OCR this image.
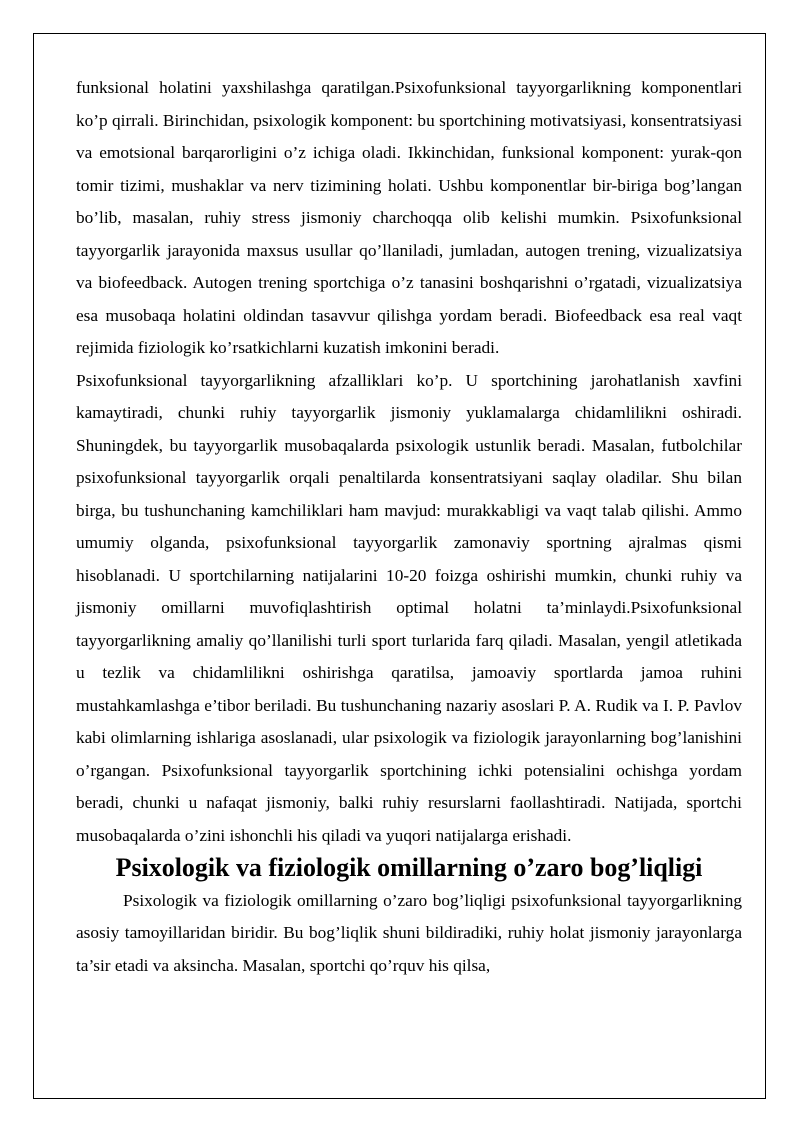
funksional holatini yaxshilashga qaratilgan.Psixofunksional tayyorgarlikning komponentlari ko’p qirrali. Birinchidan, psixologik komponent: bu sportchining motivatsiyasi, konsentratsiyasi va emotsional barqarorligini o’z ichiga oladi. Ikkinchidan, funksional komponent: yurak-qon tomir tizimi, mushaklar va nerv tizimining holati. Ushbu komponentlar bir-biriga bog’langan bo’lib, masalan, ruhiy stress jismoniy charchoqqa olib kelishi mumkin. Psixofunksional tayyorgarlik jarayonida maxsus usullar qo’llaniladi, jumladan, autogen trening, vizualizatsiya va biofeedback. Autogen trening sportchiga o’z tanasini boshqarishni o’rgatadi, vizualizatsiya esa musobaqa holatini oldindan tasavvur qilishga yordam beradi. Biofeedback esa real vaqt rejimida fiziologik ko’rsatkichlarni kuzatish imkonini beradi.

Psixofunksional tayyorgarlikning afzalliklari ko’p. U sportchining jarohatlanish xavfini kamaytiradi, chunki ruhiy tayyorgarlik jismoniy yuklamalarga chidamlilikni oshiradi. Shuningdek, bu tayyorgarlik musobaqalarda psixologik ustunlik beradi. Masalan, futbolchilar psixofunksional tayyorgarlik orqali penaltilarda konsentratsiyani saqlay oladilar. Shu bilan birga, bu tushunchaning kamchiliklari ham mavjud: murakkabligi va vaqt talab qilishi. Ammo umumiy olganda, psixofunksional tayyorgarlik zamonaviy sportning ajralmas qismi hisoblanadi. U sportchilarning natijalarini 10-20 foizga oshirishi mumkin, chunki ruhiy va jismoniy omillarni muvofiqlashtirish optimal holatni ta’minlaydi.Psixofunksional tayyorgarlikning amaliy qo’llanilishi turli sport turlarida farq qiladi. Masalan, yengil atletikada u tezlik va chidamlilikni oshirishga qaratilsa, jamoaviy sportlarda jamoa ruhini mustahkamlashga e’tibor beriladi. Bu tushunchaning nazariy asoslari P. A. Rudik va I. P. Pavlov kabi olimlarning ishlariga asoslanadi, ular psixologik va fiziologik jarayonlarning bog’lanishini o’rgangan. Psixofunksional tayyorgarlik sportchining ichki potensialini ochishga yordam beradi, chunki u nafaqat jismoniy, balki ruhiy resurslarni faollashtiradi. Natijada, sportchi musobaqalarda o’zini ishonchli his qiladi va yuqori natijalarga erishadi.

Psixologik va fiziologik omillarning o’zaro bog’liqligi

Psixologik va fiziologik omillarning o’zaro bog’liqligi psixofunksional tayyorgarlikning asosiy tamoyillaridan biridir. Bu bog’liqlik shuni bildiradiki, ruhiy holat jismoniy jarayonlarga ta’sir etadi va aksincha. Masalan, sportchi qo’rquv his qilsa,
